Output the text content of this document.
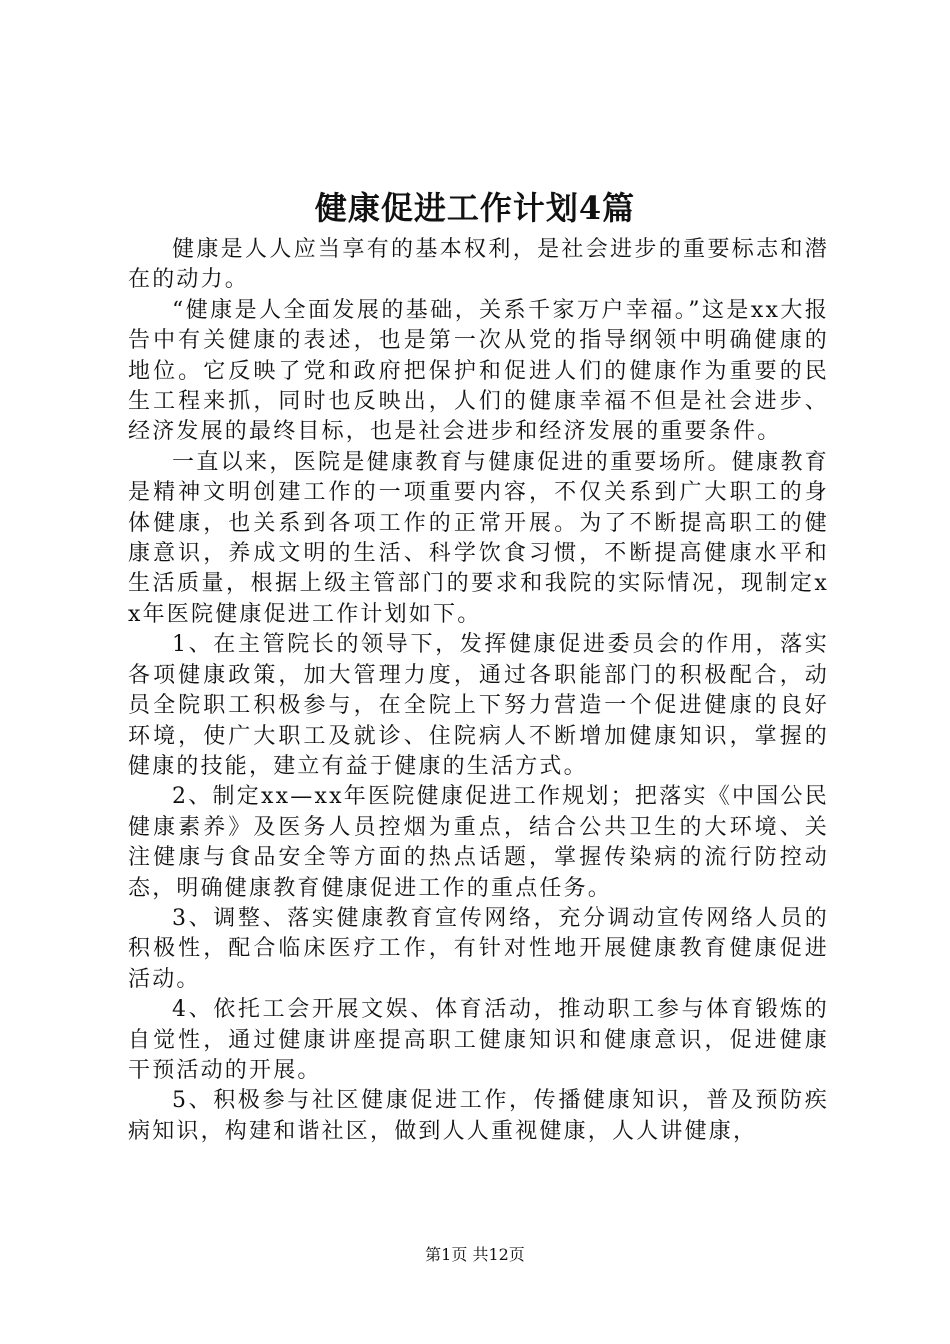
健康促进工作计划4篇

健康是人人应当享有的基本权利，是社会进步的重要标志和潜在的动力。

“健康是人全面发展的基础，关系千家万户幸福。”这是xx大报告中有关健康的表述，也是第一次从党的指导纲领中明确健康的地位。它反映了党和政府把保护和促进人们的健康作为重要的民生工程来抓，同时也反映出，人们的健康幸福不但是社会进步、经济发展的最终目标，也是社会进步和经济发展的重要条件。

一直以来，医院是健康教育与健康促进的重要场所。健康教育是精神文明创建工作的一项重要内容，不仅关系到广大职工的身体健康，也关系到各项工作的正常开展。为了不断提高职工的健康意识，养成文明的生活、科学饮食习惯，不断提高健康水平和生活质量，根据上级主管部门的要求和我院的实际情况，现制定xx年医院健康促进工作计划如下。

1、在主管院长的领导下，发挥健康促进委员会的作用，落实各项健康政策，加大管理力度，通过各职能部门的积极配合，动员全院职工积极参与，在全院上下努力营造一个促进健康的良好环境，使广大职工及就诊、住院病人不断增加健康知识，掌握的健康的技能，建立有益于健康的生活方式。

2、制定xx—xx年医院健康促进工作规划；把落实《中国公民健康素养》及医务人员控烟为重点，结合公共卫生的大环境、关注健康与食品安全等方面的热点话题，掌握传染病的流行防控动态，明确健康教育健康促进工作的重点任务。

3、调整、落实健康教育宣传网络，充分调动宣传网络人员的积极性，配合临床医疗工作，有针对性地开展健康教育健康促进活动。

4、依托工会开展文娱、体育活动，推动职工参与体育锻炼的自觉性，通过健康讲座提高职工健康知识和健康意识，促进健康干预活动的开展。

5、积极参与社区健康促进工作，传播健康知识，普及预防疾病知识，构建和谐社区，做到人人重视健康，人人讲健康，

第1页 共12页
